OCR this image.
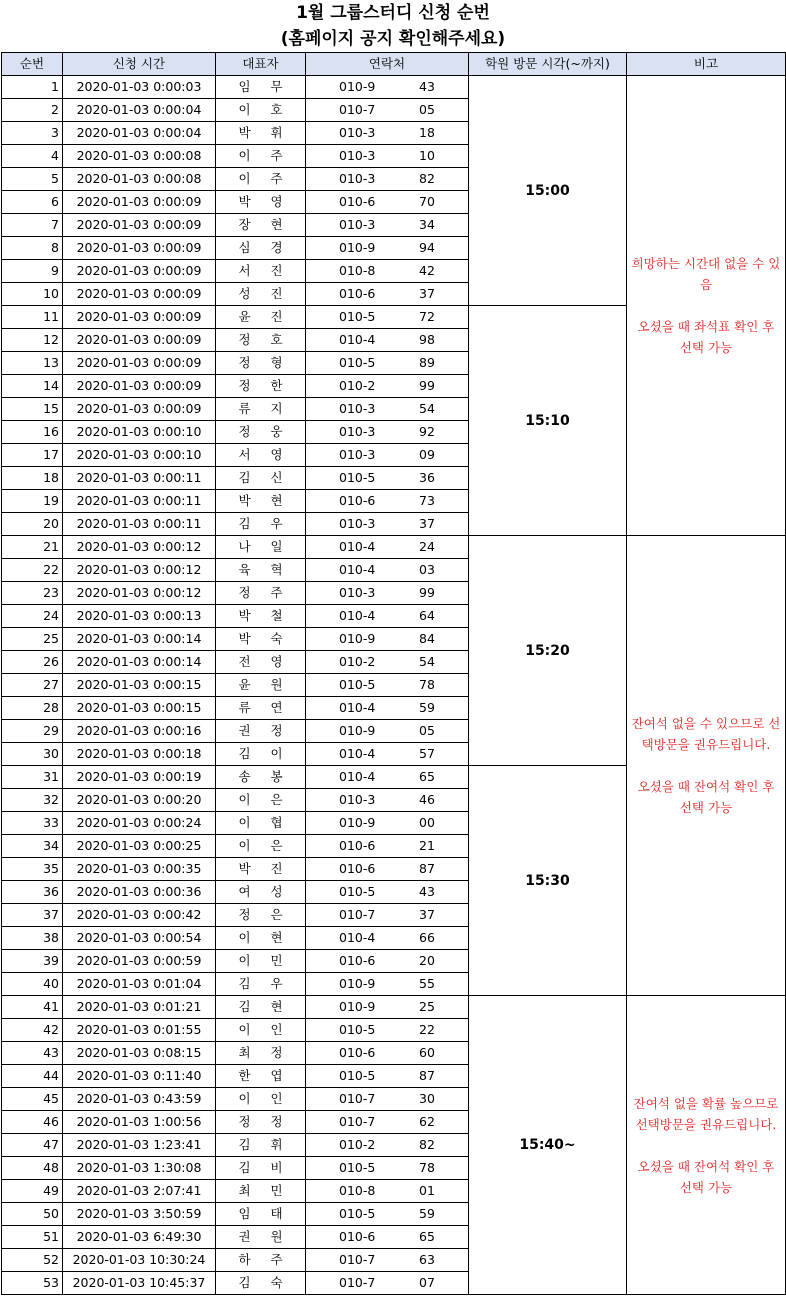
1월 그룹스터디 신청 순번
(홈페이지 공지 확인해주세요)
순번	신청 시간	대표자	연락처	학원 방문 시각(~까지)	비고
1	2020-01-03 0:00:03	임 무	010-9 43	15:00	희망하는 시간대 없을 수 있음

오셨을 때 좌석표 확인 후 선택 가능

2	2020-01-03 0:00:04	이 호	010-7 05		
3	2020-01-03 0:00:04	박 휘	010-3 18		
4	2020-01-03 0:00:08	이 주	010-3 10		
5	2020-01-03 0:00:08	이 주	010-3 82		
6	2020-01-03 0:00:09	박 영	010-6 70		
7	2020-01-03 0:00:09	장 현	010-3 34		
8	2020-01-03 0:00:09	심 경	010-9 94		
9	2020-01-03 0:00:09	서 진	010-8 42		
10	2020-01-03 0:00:09	성 진	010-6 37		
11	2020-01-03 0:00:09	윤 진	010-5 72	15:10	
12	2020-01-03 0:00:09	정 호	010-4 98		
13	2020-01-03 0:00:09	정 형	010-5 89		
14	2020-01-03 0:00:09	정 한	010-2 99		
15	2020-01-03 0:00:09	류 지	010-3 54		
16	2020-01-03 0:00:10	정 웅	010-3 92		
17	2020-01-03 0:00:10	서 영	010-3 09		
18	2020-01-03 0:00:11	김 신	010-5 36		
19	2020-01-03 0:00:11	박 현	010-6 73		
20	2020-01-03 0:00:11	김 우	010-3 37		
21	2020-01-03 0:00:12	나 일	010-4 24	15:20	잔여석 없을 수 있으므로 선택방문을 권유드립니다.

오셨을 때 잔여석 확인 후 선택 가능

22	2020-01-03 0:00:12	육 혁	010-4 03		
23	2020-01-03 0:00:12	정 주	010-3 99		
24	2020-01-03 0:00:13	박 철	010-4 64		
25	2020-01-03 0:00:14	박 숙	010-9 84		
26	2020-01-03 0:00:14	전 영	010-2 54		
27	2020-01-03 0:00:15	윤 원	010-5 78		
28	2020-01-03 0:00:15	류 연	010-4 59		
29	2020-01-03 0:00:16	권 정	010-9 05		
30	2020-01-03 0:00:18	김 이	010-4 57		
31	2020-01-03 0:00:19	송 봉	010-4 65	15:30	
32	2020-01-03 0:00:20	이 은	010-3 46		
33	2020-01-03 0:00:24	이 협	010-9 00		
34	2020-01-03 0:00:25	이 은	010-6 21		
35	2020-01-03 0:00:35	박 진	010-6 87		
36	2020-01-03 0:00:36	여 성	010-5 43		
37	2020-01-03 0:00:42	정 은	010-7 37		
38	2020-01-03 0:00:54	이 현	010-4 66		
39	2020-01-03 0:00:59	이 민	010-6 20		
40	2020-01-03 0:01:04	김 우	010-9 55		
41	2020-01-03 0:01:21	김 현	010-9 25	15:40~	잔여석 없을 확률 높으므로 선택방문을 권유드립니다.

오셨을 때 잔여석 확인 후 선택 가능

42	2020-01-03 0:01:55	이 인	010-5 22		
43	2020-01-03 0:08:15	최 정	010-6 60		
44	2020-01-03 0:11:40	한 엽	010-5 87		
45	2020-01-03 0:43:59	이 인	010-7 30		
46	2020-01-03 1:00:56	정 정	010-7 62		
47	2020-01-03 1:23:41	김 휘	010-2 82		
48	2020-01-03 1:30:08	김 비	010-5 78		
49	2020-01-03 2:07:41	최 민	010-8 01		
50	2020-01-03 3:50:59	임 태	010-5 59		
51	2020-01-03 6:49:30	권 원	010-6 65		
52	2020-01-03 10:30:24	하 주	010-7 63		
53	2020-01-03 10:45:37	김 숙	010-7 07		
